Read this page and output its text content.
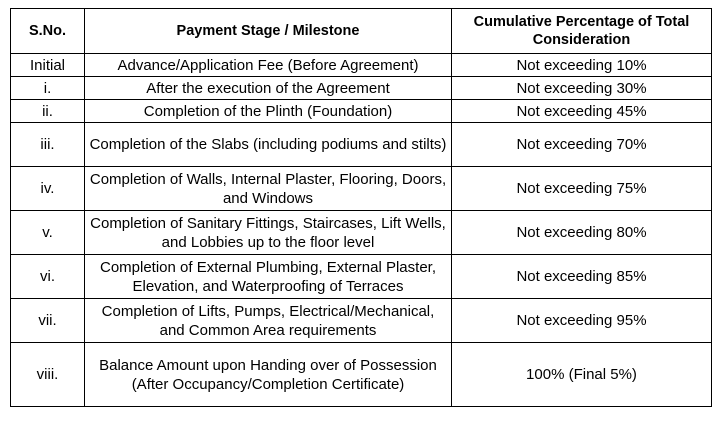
S.No.	Payment Stage / Milestone	Cumulative Percentage of Total Consideration
Initial	Advance/Application Fee (Before Agreement)	Not exceeding 10%
i.	After the execution of the Agreement	Not exceeding 30%
ii.	Completion of the Plinth (Foundation)	Not exceeding 45%
iii.	Completion of the Slabs (including podiums and stilts)	Not exceeding 70%
iv.	Completion of Walls, Internal Plaster, Flooring, Doors, and Windows	Not exceeding 75%
v.	Completion of Sanitary Fittings, Staircases, Lift Wells, and Lobbies up to the floor level	Not exceeding 80%
vi.	Completion of External Plumbing, External Plaster, Elevation, and Waterproofing of Terraces	Not exceeding 85%
vii.	Completion of Lifts, Pumps, Electrical/Mechanical, and Common Area requirements	Not exceeding 95%
viii.	Balance Amount upon Handing over of Possession (After Occupancy/Completion Certificate)	100% (Final 5%)
